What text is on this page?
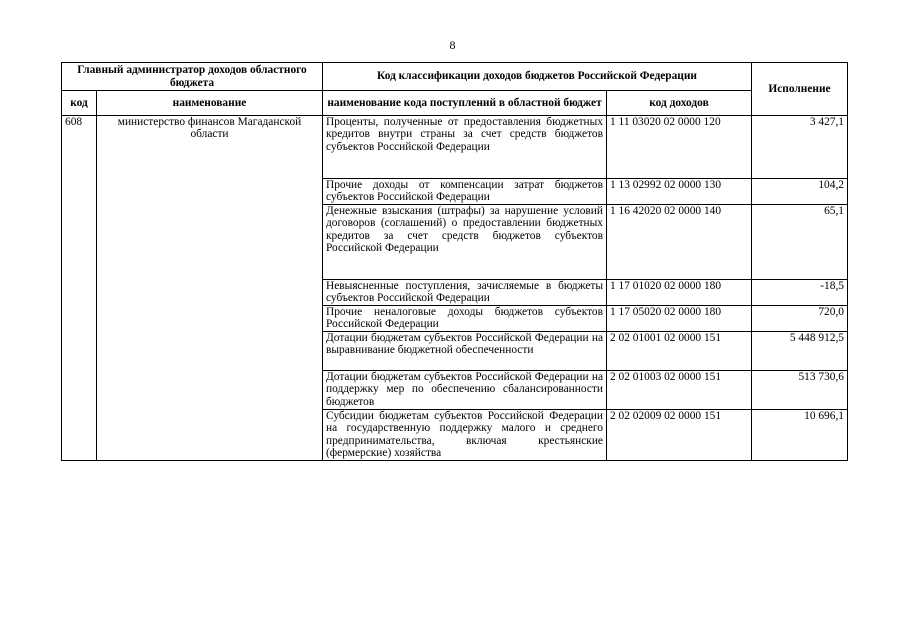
8
Главный администратор доходов областного бюджета		Код классификации доходов бюджетов Российской Федерации		Исполнение
код	наименование	наименование кода поступлений в областной бюджет	код доходов	
608	министерство финансов Магаданской области	Проценты, полученные от предоставления бюджетных кредитов внутри страны за счет средств бюджетов субъектов Российской Федерации	1 11 03020 02 0000 120	3 427,1
		Прочие доходы от компенсации затрат бюджетов субъектов Российской Федерации	1 13 02992 02 0000 130	104,2
		Денежные взыскания (штрафы) за нарушение условий договоров (соглашений) о предоставлении бюджетных кредитов за счет средств бюджетов субъектов Российской Федерации	1 16 42020 02 0000 140	65,1
		Невыясненные поступления, зачисляемые в бюджеты субъектов Российской Федерации	1 17 01020 02 0000 180	-18,5
		Прочие неналоговые доходы бюджетов субъектов Российской Федерации	1 17 05020 02 0000 180	720,0
		Дотации бюджетам субъектов Российской Федерации на выравнивание бюджетной обеспеченности	2 02 01001 02 0000 151	5 448 912,5
		Дотации бюджетам субъектов Российской Федерации на поддержку мер по обеспечению сбалансированности бюджетов	2 02 01003 02 0000 151	513 730,6
		Субсидии бюджетам субъектов Российской Федерации на государственную поддержку малого и среднего предпринимательства, включая крестьянские (фермерские) хозяйства	2 02 02009 02 0000 151	10 696,1
